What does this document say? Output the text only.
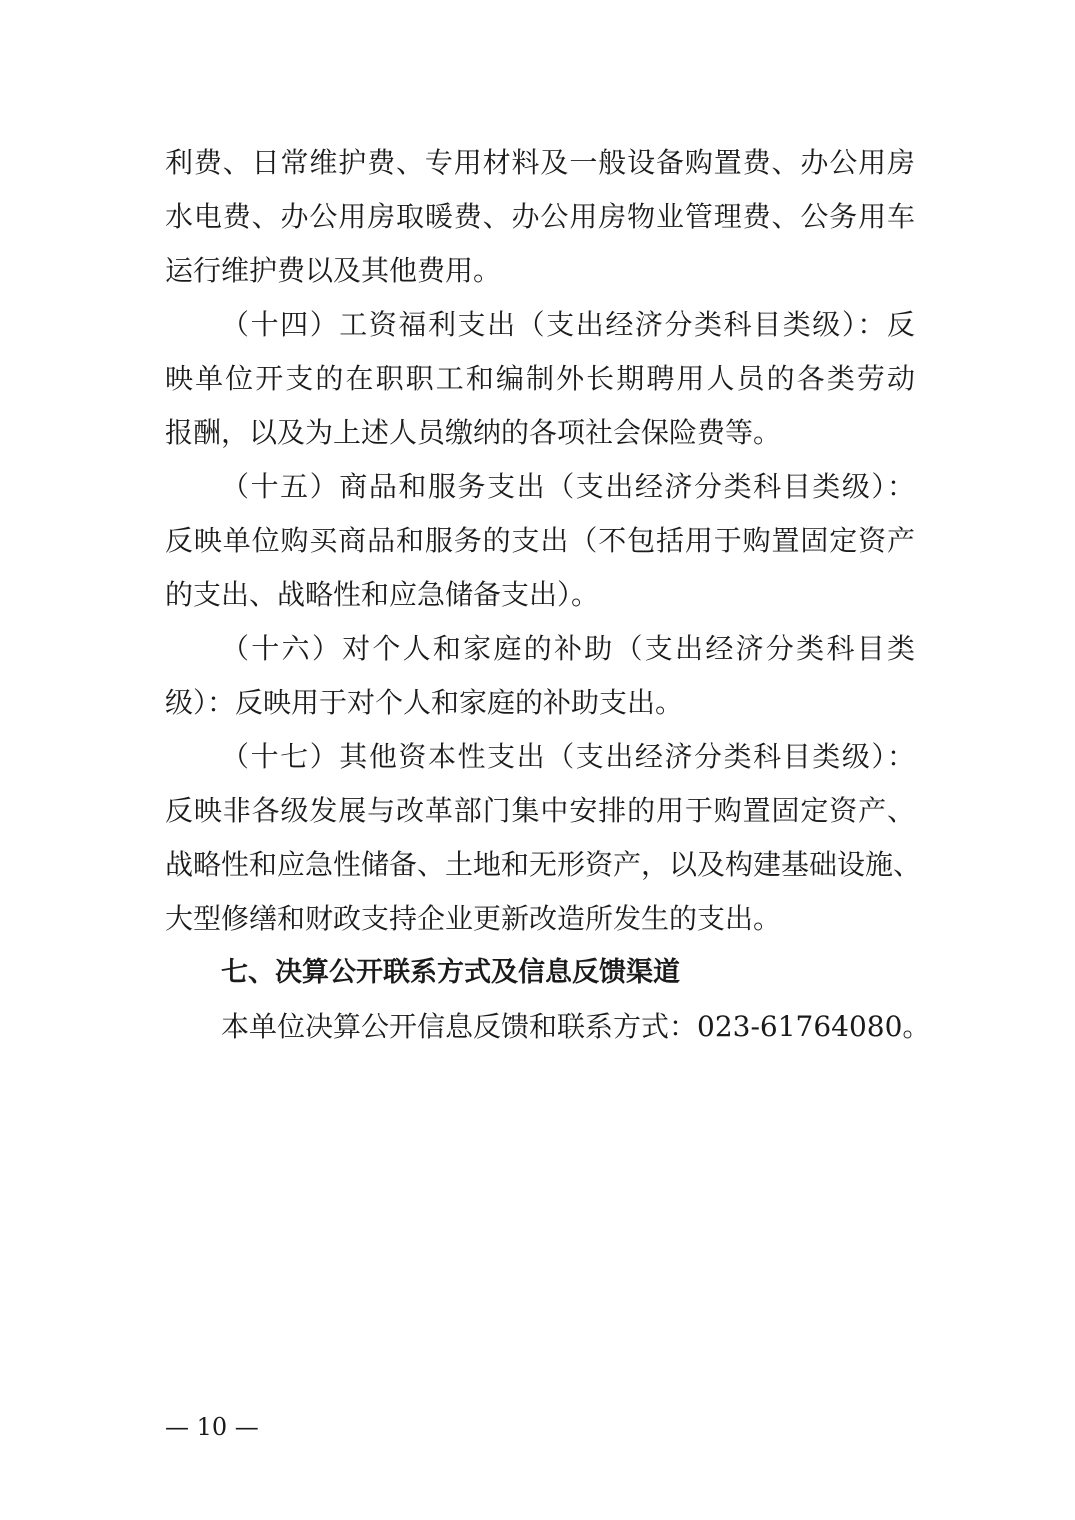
利费、日常维护费、专用材料及一般设备购置费、办公用房
水电费、办公用房取暖费、办公用房物业管理费、公务用车
运行维护费以及其他费用。
（十四）工资福利支出（支出经济分类科目类级）：反
映单位开支的在职职工和编制外长期聘用人员的各类劳动
报酬，以及为上述人员缴纳的各项社会保险费等。
（十五）商品和服务支出（支出经济分类科目类级）：
反映单位购买商品和服务的支出（不包括用于购置固定资产
的支出、战略性和应急储备支出）。
（十六）对个人和家庭的补助（支出经济分类科目类
级）：反映用于对个人和家庭的补助支出。
（十七）其他资本性支出（支出经济分类科目类级）：
反映非各级发展与改革部门集中安排的用于购置固定资产、
战略性和应急性储备、土地和无形资产，以及构建基础设施、
大型修缮和财政支持企业更新改造所发生的支出。
七、决算公开联系方式及信息反馈渠道
本单位决算公开信息反馈和联系方式：023-61764080。
— 10 —
